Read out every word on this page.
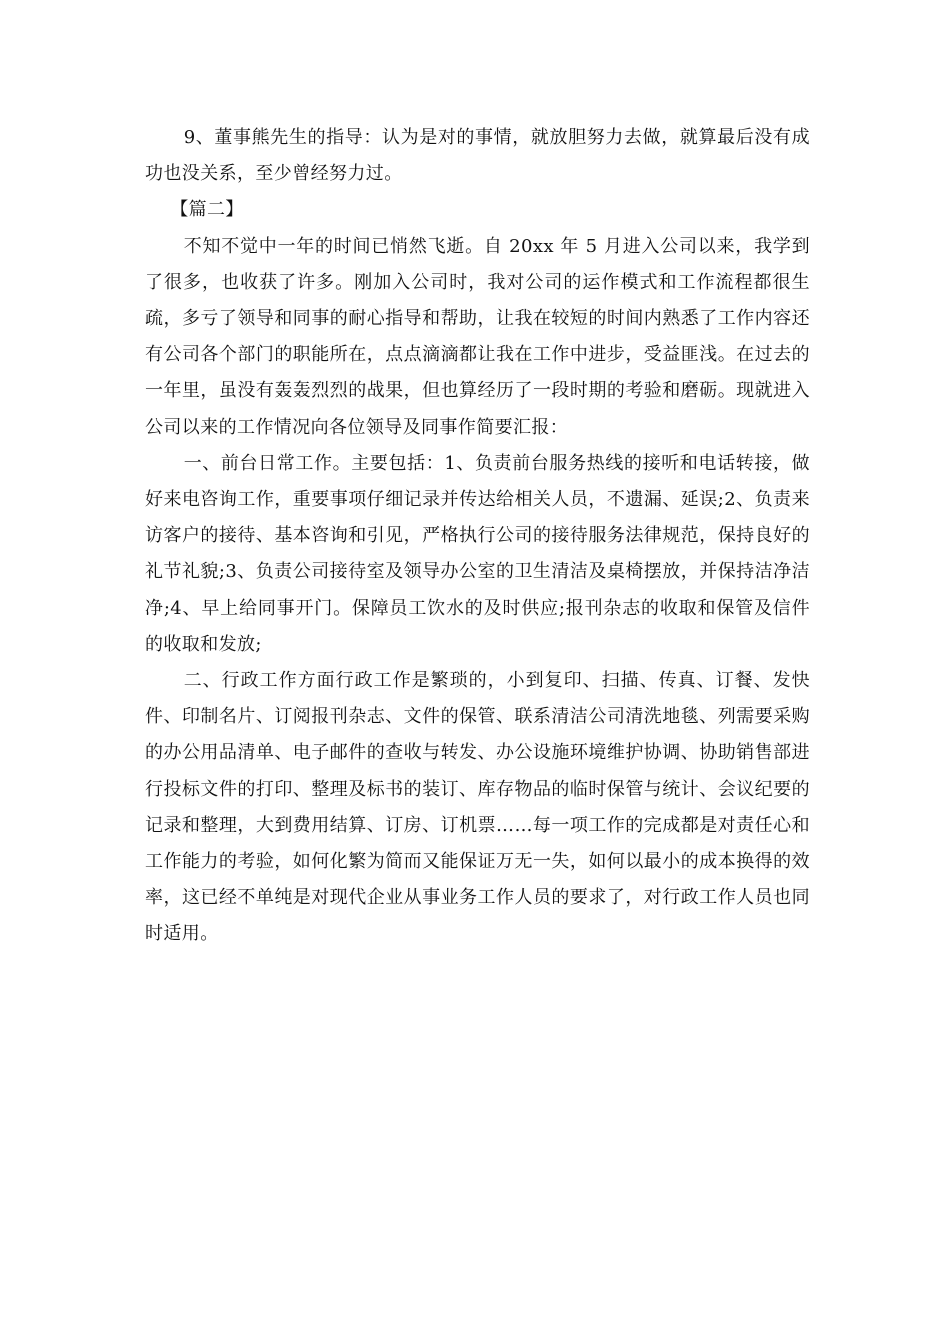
9、董事熊先生的指导：认为是对的事情，就放胆努力去做，就算最后没有成功也没关系，至少曾经努力过。

【篇二】

不知不觉中一年的时间已悄然飞逝。自 20xx 年 5 月进入公司以来，我学到了很多，也收获了许多。刚加入公司时，我对公司的运作模式和工作流程都很生疏，多亏了领导和同事的耐心指导和帮助，让我在较短的时间内熟悉了工作内容还有公司各个部门的职能所在，点点滴滴都让我在工作中进步，受益匪浅。在过去的一年里，虽没有轰轰烈烈的战果，但也算经历了一段时期的考验和磨砺。现就进入公司以来的工作情况向各位领导及同事作简要汇报：

一、前台日常工作。主要包括：1、负责前台服务热线的接听和电话转接，做好来电咨询工作，重要事项仔细记录并传达给相关人员，不遗漏、延误;2、负责来访客户的接待、基本咨询和引见，严格执行公司的接待服务法律规范，保持良好的礼节礼貌;3、负责公司接待室及领导办公室的卫生清洁及桌椅摆放，并保持洁净洁净;4、早上给同事开门。保障员工饮水的及时供应;报刊杂志的收取和保管及信件的收取和发放;

二、行政工作方面行政工作是繁琐的，小到复印、扫描、传真、订餐、发快件、印制名片、订阅报刊杂志、文件的保管、联系清洁公司清洗地毯、列需要采购的办公用品清单、电子邮件的查收与转发、办公设施环境维护协调、协助销售部进行投标文件的打印、整理及标书的装订、库存物品的临时保管与统计、会议纪要的记录和整理，大到费用结算、订房、订机票……每一项工作的完成都是对责任心和工作能力的考验，如何化繁为简而又能保证万无一失，如何以最小的成本换得的效率，这已经不单纯是对现代企业从事业务工作人员的要求了，对行政工作人员也同时适用。
